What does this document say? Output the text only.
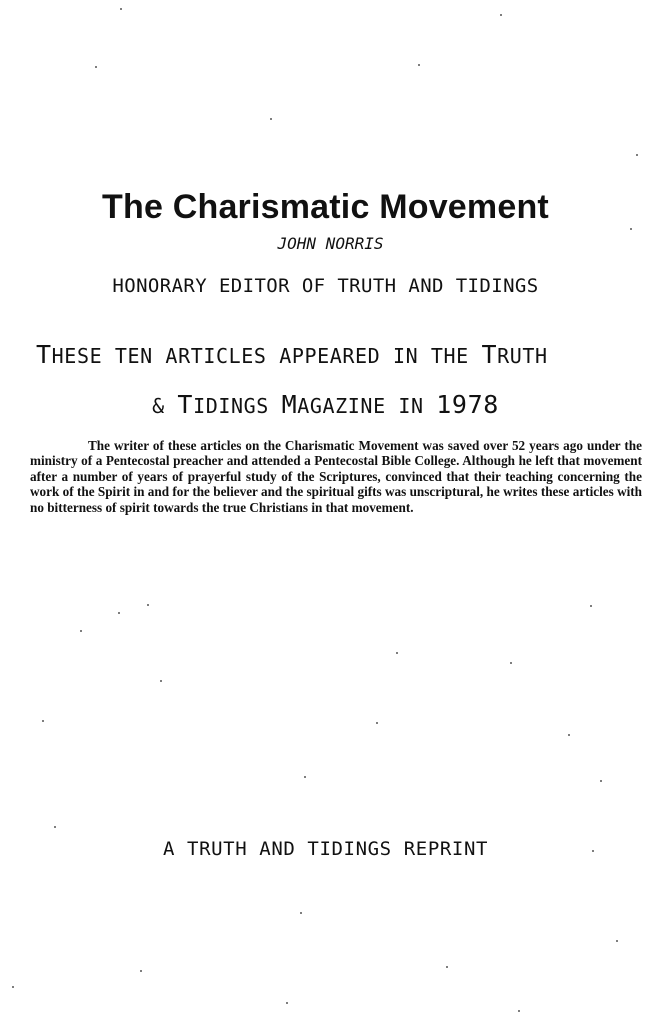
The Charismatic Movement
JOHN NORRIS
HONORARY EDITOR OF TRUTH AND TIDINGS
THESE TEN ARTICLES APPEARED IN THE TRUTH
& TIDINGS MAGAZINE IN 1978

The writer of these articles on the Charismatic Movement was saved over 52 years ago under the ministry of a Pentecostal preacher and attended a Pentecostal Bible College. Although he left that movement after a number of years of prayerful study of the Scriptures, convinced that their teaching concerning the work of the Spirit in and for the believer and the spiritual gifts was unscriptural, he writes these articles with no bitterness of spirit towards the true Christians in that movement.

A TRUTH AND TIDINGS REPRINT
